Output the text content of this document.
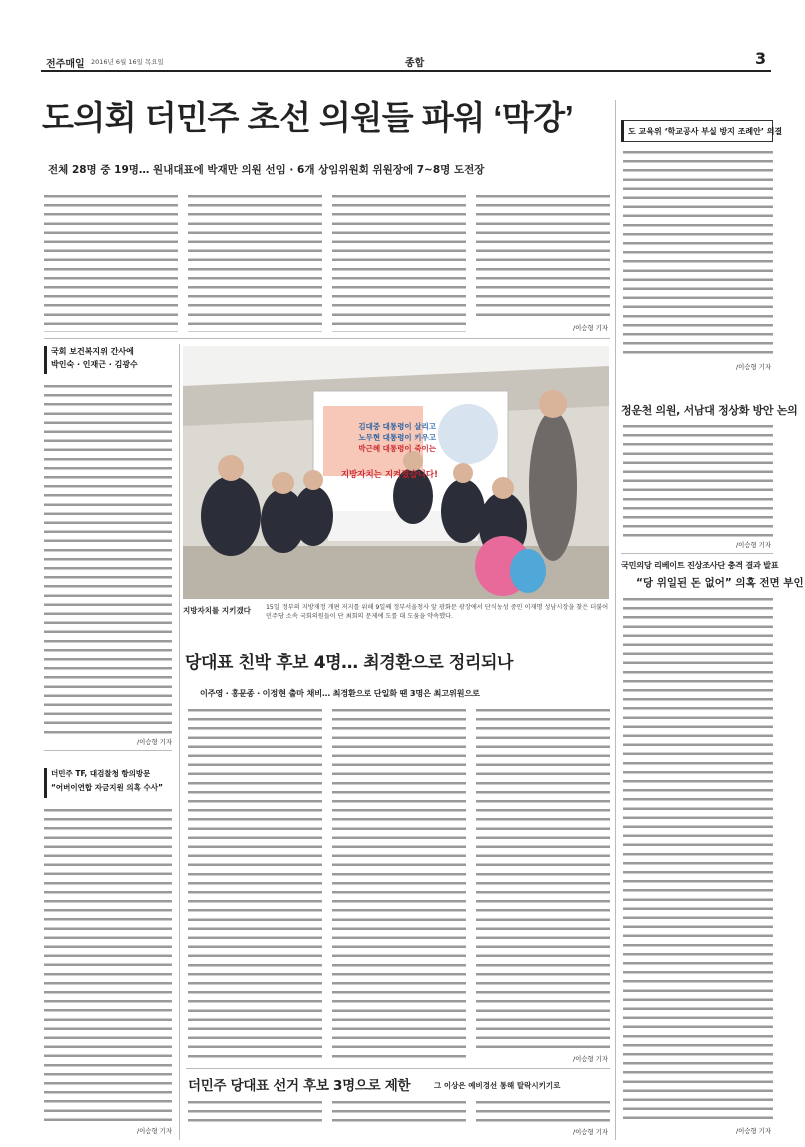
전주매일 2016년 6월 16일 목요일	종합	3
도의회 더민주 초선 의원들 파워 ‘막강’
전체 28명 중 19명… 원내대표에 박재만 의원 선임 · 6개 상임위원회 위원장에 7~8명 도전장
/이승형 기자
도 교육위 ‘학교공사 부실 방지 조례안’ 의결
/이승형 기자
정운천 의원, 서남대 정상화 방안 논의
/이승형 기자
국민의당 리베이트 진상조사단 충격 결과 발표
“당 위일된 돈 없어” 의혹 전면 부인
/이승형 기자
국회 보건복지위 간사에
박인숙 · 인재근 · 김광수
/이승형 기자
더민주 TF, 대검찰청 항의방문
“어버이연합 자금지원 의혹 수사”
/이승형 기자
김대중 대통령이 살리고
노무현 대통령이 키우고
박근혜 대통령이 죽이는
지방자치는 지켜졌습니다!
지방자치를 지키겠다 15일 정부의 지방재정 개편 저지를 위해 9일째 정부서울청사 앞 광화문 광장에서 단식농성 중인 이재명 성남시장을 찾은 더불어민주당 소속 국회의원들이 단 최회의 문제에 도를 대 도움을 약속했다.
당대표 친박 후보 4명… 최경환으로 정리되나
이주영 · 홍문종 · 이정현 출마 채비… 최경환으로 단일화 땐 3명은 최고위원으로
/이승형 기자
더민주 당대표 선거 후보 3명으로 제한	그 이상은 예비경선 통해 탈락시키기로
/이승형 기자
